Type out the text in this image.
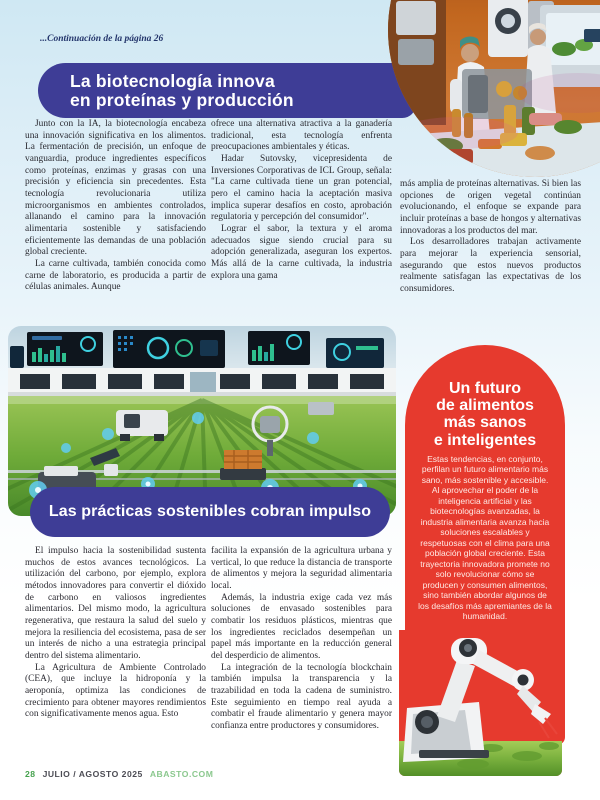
...Continuación de la página 26
La biotecnología innova
en proteínas y producción

Junto con la IA, la biotecnología encabeza una innovación significativa en los alimentos. La fermentación de precisión, un enfoque de vanguardia, produce ingredientes específicos como proteínas, enzimas y grasas con una precisión y eficiencia sin precedentes. Esta tecnología revolucionaria utiliza microorganismos en ambientes controlados, allanando el camino para la innovación alimentaria sostenible y satisfaciendo eficientemente las demandas de una población global creciente.

La carne cultivada, también conocida como carne de laboratorio, es producida a partir de células animales. Aunque

ofrece una alternativa atractiva a la ganadería tradicional, esta tecnología enfrenta preocupaciones ambientales y éticas.

Hadar Sutovsky, vicepresidenta de Inversiones Corporativas de ICL Group, señala: "La carne cultivada tiene un gran potencial, pero el camino hacia la aceptación masiva implica superar desafíos en costo, aprobación regulatoria y percepción del consumidor".

Lograr el sabor, la textura y el aroma adecuados sigue siendo crucial para su adopción generalizada, aseguran los expertos. Más allá de la carne cultivada, la industria explora una gama

más amplia de proteínas alternativas. Si bien las opciones de origen vegetal continúan evolucionando, el enfoque se expande para incluir proteínas a base de hongos y alternativas innovadoras a los productos del mar.

Los desarrolladores trabajan activamente para mejorar la experiencia sensorial, asegurando que estos nuevos productos realmente satisfagan las expectativas de los consumidores.

Las prácticas sostenibles cobran impulso

El impulso hacia la sostenibilidad sustenta muchos de estos avances tecnológicos. La utilización del carbono, por ejemplo, explora métodos innovadores para convertir el dióxido de carbono en valiosos ingredientes alimentarios. Del mismo modo, la agricultura regenerativa, que restaura la salud del suelo y mejora la resiliencia del ecosistema, pasa de ser un interés de nicho a una estrategia principal dentro del sistema alimentario.

La Agricultura de Ambiente Controlado (CEA), que incluye la hidroponía y la aeroponía, optimiza las condiciones de crecimiento para obtener mayores rendimientos con significativamente menos agua. Esto

facilita la expansión de la agricultura urbana y vertical, lo que reduce la distancia de transporte de alimentos y mejora la seguridad alimentaria local.

Además, la industria exige cada vez más soluciones de envasado sostenibles para combatir los residuos plásticos, mientras que los ingredientes reciclados desempeñan un papel más importante en la reducción general del desperdicio de alimentos.

La integración de la tecnología blockchain también impulsa la transparencia y la trazabilidad en toda la cadena de suministro. Este seguimiento en tiempo real ayuda a combatir el fraude alimentario y genera mayor confianza entre productores y consumidores.

Un futuro
de alimentos
más sanos
e inteligentes
Estas tendencias, en conjunto, perfilan un futuro alimentario más sano, más sostenible y accesible. Al aprovechar el poder de la inteligencia artificial y las biotecnologías avanzadas, la industria alimentaria avanza hacia soluciones escalables y respetuosas con el clima para una población global creciente. Esta trayectoria innovadora promete no solo revolucionar cómo se producen y consumen alimentos, sino también abordar algunos de los desafíos más apremiantes de la humanidad.
28 JULIO / AGOSTO 2025 ABASTO.COM
